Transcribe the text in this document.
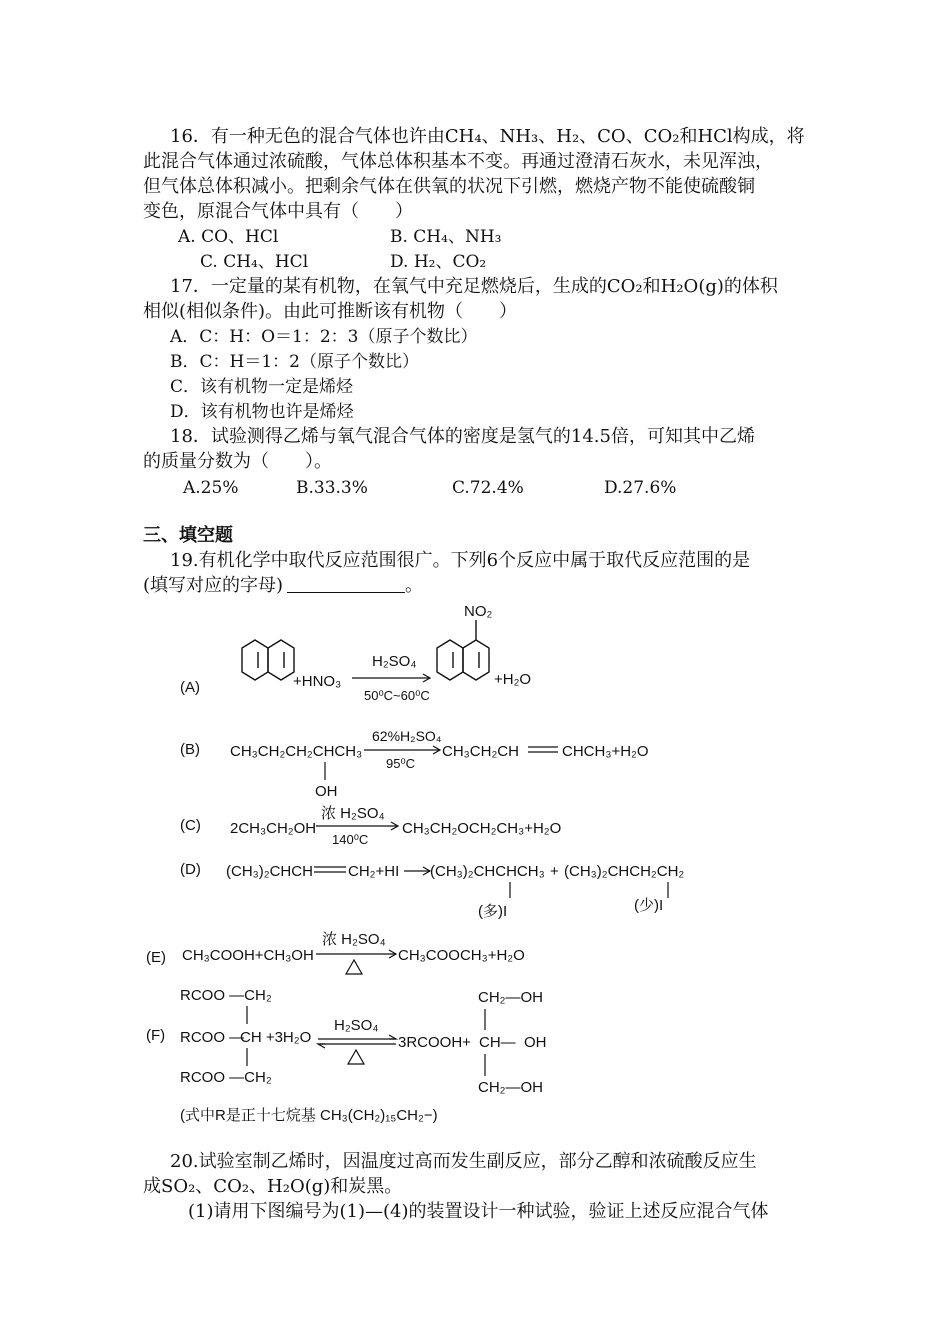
16．有一种无色的混合气体也许由CH₄、NH₃、H₂、CO、CO₂和HCl构成，将
此混合气体通过浓硫酸，气体总体积基本不变。再通过澄清石灰水，未见浑浊，
但气体总体积减小。把剩余气体在供氧的状况下引燃，燃烧产物不能使硫酸铜
变色，原混合气体中具有（　　）
A. CO、HCl	B. CH₄、NH₃
C. CH₄、HCl	D. H₂、CO₂
17．一定量的某有机物，在氧气中充足燃烧后，生成的CO₂和H₂O(g)的体积
相似(相似条件)。由此可推断该有机物（　　）
A．C：H：O＝1：2：3（原子个数比）
B．C：H＝1：2（原子个数比）
C．该有机物一定是烯烃
D．该有机物也许是烯烃
18．试验测得乙烯与氧气混合气体的密度是氢气的14.5倍，可知其中乙烯
的质量分数为（　　）。
A.25%	B.33.3%	C.72.4%	D.27.6%
三、填空题
19.有机化学中取代反应范围很广。下列6个反应中属于取代反应范围的是
(填写对应的字母)	。
(A)	+HNO₃
H₂SO₄
50⁰C~60⁰C
NO₂
+H₂O
(B) CH₃CH₂CH₂CHCH₃
OH
62%H₂SO₄
95⁰C
CH₃CH₂CH	CHCH₃+H₂O
(C) 2CH₃CH₂OH
浓 H₂SO₄
140⁰C
CH₃CH₂OCH₂CH₃+H₂O
(D) (CH₃)₂CHCH CH₂+HI (CH₃)₂CHCHCH₃
(多)I
+ (CH₃)₂CHCH₂CH₂
(少)I
(E) CH₃COOH+CH₃OH
浓 H₂SO₄
CH₃COOCH₃+H₂O
(F)
RCOO —CH₂
RCOO —
CH +3H₂O
RCOO —CH₂
H₂SO₄
3RCOOH+ CH— OH
CH₂—OH
CH₂—OH
(式中R是正十七烷基 CH₃(CH₂)₁₅CH₂−)
20.试验室制乙烯时，因温度过高而发生副反应，部分乙醇和浓硫酸反应生
成SO₂、CO₂、H₂O(g)和炭黑。
(1)请用下图编号为(1)—(4)的装置设计一种试验，验证上述反应混合气体
